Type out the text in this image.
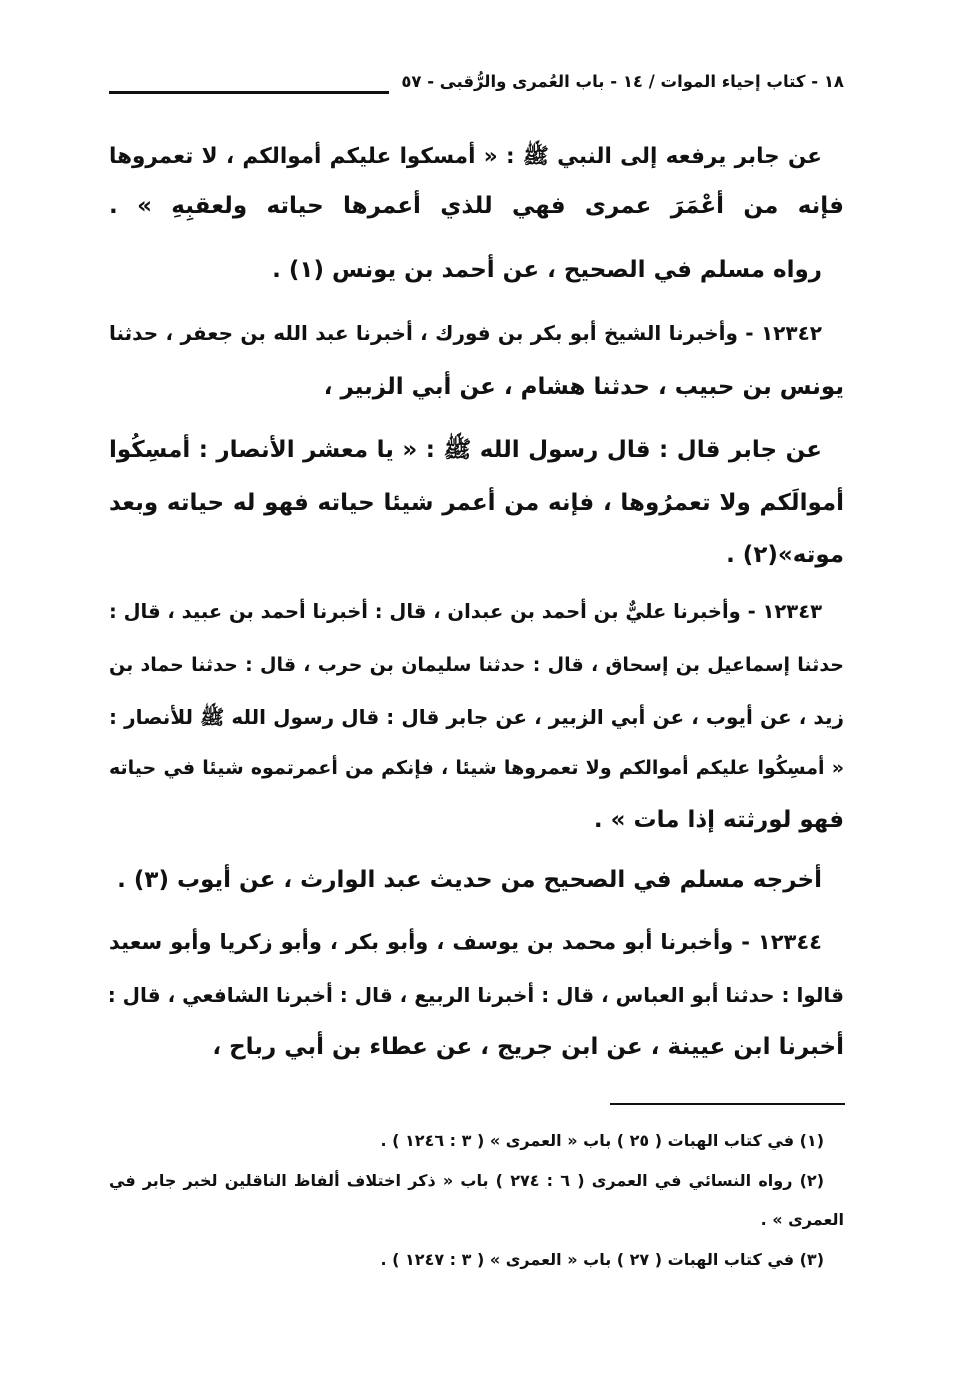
١٨ - كتاب إحياء الموات / ١٤ - باب العُمرى والرُّقبى - ٥٧
عن جابر يرفعه إلى النبي ﷺ : « أمسكوا عليكم أموالكم ، لا تعمروها
فإنه من أعْمَرَ عمرى فهي للذي أعمرها حياته ولعقبِهِ » .
رواه مسلم في الصحيح ، عن أحمد بن يونس (١) .
١٢٣٤٢ - وأخبرنا الشيخ أبو بكر بن فورك ، أخبرنا عبد الله بن جعفر ، حدثنا
يونس بن حبيب ، حدثنا هشام ، عن أبي الزبير ،
عن جابر قال : قال رسول الله ﷺ : « يا معشر الأنصار : أمسِكُوا
أموالَكم ولا تعمرُوها ، فإنه من أعمر شيئا حياته فهو له حياته وبعد
موته»(٢) .
١٢٣٤٣ - وأخبرنا عليٌّ بن أحمد بن عبدان ، قال : أخبرنا أحمد بن عبيد ، قال :
حدثنا إسماعيل بن إسحاق ، قال : حدثنا سليمان بن حرب ، قال : حدثنا حماد بن
زيد ، عن أيوب ، عن أبي الزبير ، عن جابر قال : قال رسول الله ﷺ للأنصار :
« أمسِكُوا عليكم أموالكم ولا تعمروها شيئا ، فإنكم من أعمرتموه شيئا في حياته
فهو لورثته إذا مات » .
أخرجه مسلم في الصحيح من حديث عبد الوارث ، عن أيوب (٣) .
١٢٣٤٤ - وأخبرنا أبو محمد بن يوسف ، وأبو بكر ، وأبو زكريا وأبو سعيد
قالوا : حدثنا أبو العباس ، قال : أخبرنا الربيع ، قال : أخبرنا الشافعي ، قال :
أخبرنا ابن عيينة ، عن ابن جريج ، عن عطاء بن أبي رباح ،
(١) في كتاب الهبات ( ٢٥ ) باب « العمرى » ( ٣ : ١٢٤٦ ) .
(٢) رواه النسائي في العمرى ( ٦ : ٢٧٤ ) باب « ذكر اختلاف ألفاظ الناقلين لخبر جابر في
العمرى » .
(٣) في كتاب الهبات ( ٢٧ ) باب « العمرى » ( ٣ : ١٢٤٧ ) .
